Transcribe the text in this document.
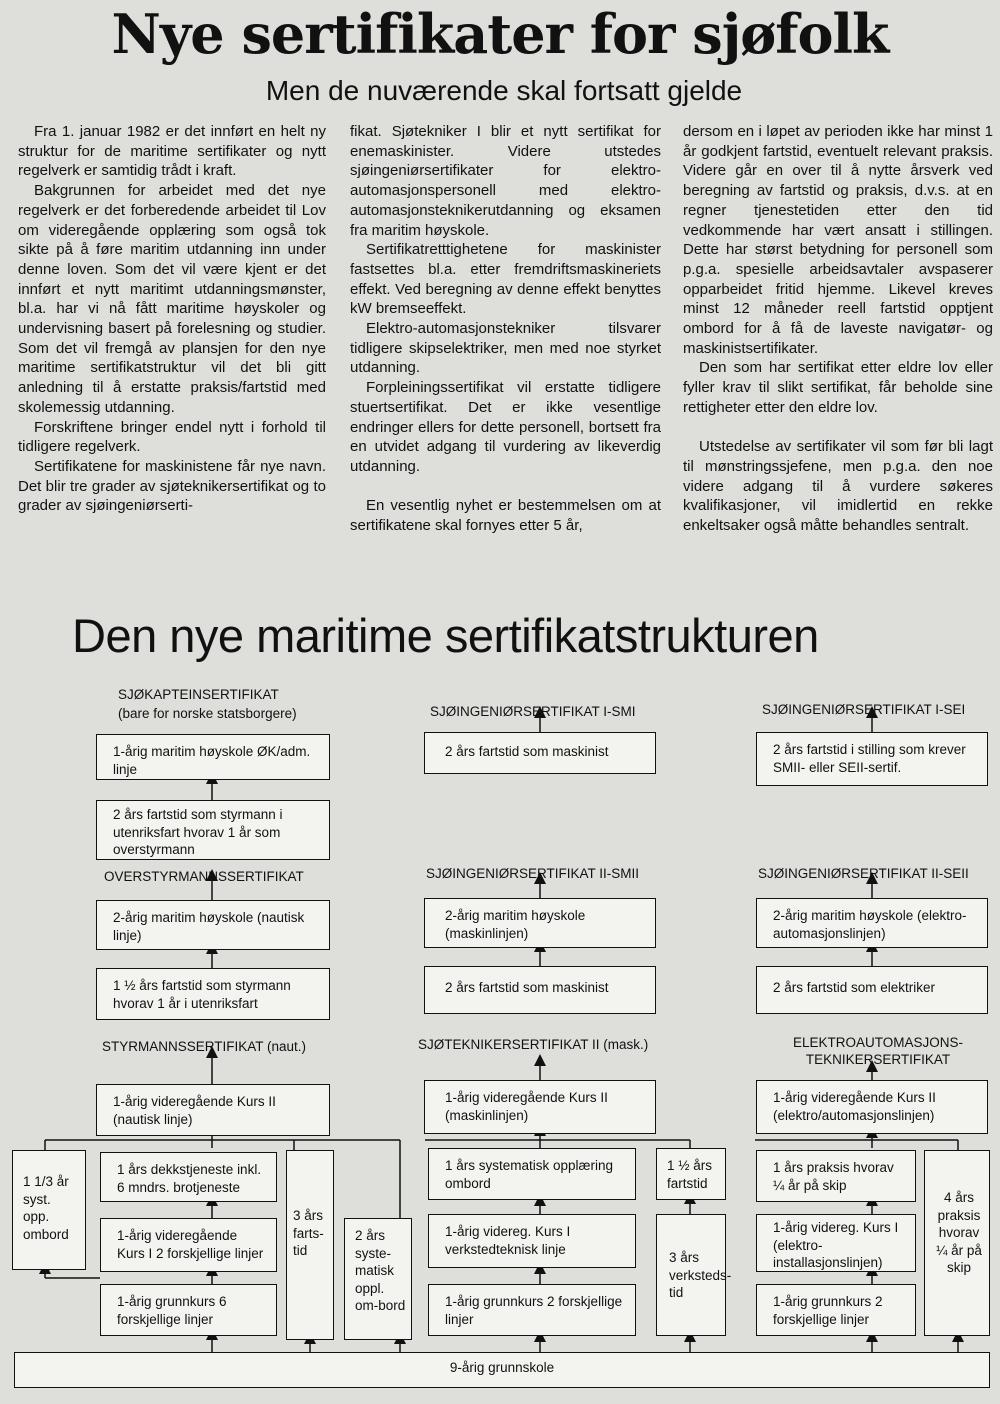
Nye sertifikater for sjøfolk
Men de nuværende skal fortsatt gjelde

Fra 1. januar 1982 er det innført en helt ny struktur for de maritime sertifikater og nytt regelverk er samtidig trådt i kraft.

Bakgrunnen for arbeidet med det nye regelverk er det forberedende arbeidet til Lov om videregående opplæring som også tok sikte på å føre maritim utdanning inn under denne loven. Som det vil være kjent er det innført et nytt maritimt utdanningsmønster, bl.a. har vi nå fått maritime høyskoler og undervisning basert på forelesning og studier. Som det vil fremgå av plansjen for den nye maritime sertifikatstruktur vil det bli gitt anledning til å erstatte praksis/fartstid med skolemessig utdanning.

Forskriftene bringer endel nytt i forhold til tidligere regelverk.

Sertifikatene for maskinistene får nye navn. Det blir tre grader av sjøteknikersertifikat og to grader av sjøingeniørserti-

fikat. Sjøtekniker I blir et nytt sertifikat for enemaskinister. Videre utstedes sjøingeniørsertifikater for elektro-automasjonspersonell med elektro-automasjonsteknikerutdanning og eksamen fra maritim høyskole.

Sertifikatretttighetene for maskinister fastsettes bl.a. etter fremdriftsmaskineriets effekt. Ved beregning av denne effekt benyttes kW bremseeffekt.

Elektro-automasjonstekniker tilsvarer tidligere skipselektriker, men med noe styrket utdanning.

Forpleiningssertifikat vil erstatte tidligere stuertsertifikat. Det er ikke vesentlige endringer ellers for dette personell, bortsett fra en utvidet adgang til vurdering av likeverdig utdanning.

En vesentlig nyhet er bestemmelsen om at sertifikatene skal fornyes etter 5 år,

dersom en i løpet av perioden ikke har minst 1 år godkjent fartstid, eventuelt relevant praksis. Videre går en over til å nytte årsverk ved beregning av fartstid og praksis, d.v.s. at en regner tjenestetiden etter den tid vedkommende har vært ansatt i stillingen. Dette har størst betydning for personell som p.g.a. spesielle arbeidsavtaler avspaserer opparbeidet fritid hjemme. Likevel kreves minst 12 måneder reell fartstid opptjent ombord for å få de laveste navigatør- og maskinistsertifikater.

Den som har sertifikat etter eldre lov eller fyller krav til slikt sertifikat, får beholde sine rettigheter etter den eldre lov.

Utstedelse av sertifikater vil som før bli lagt til mønstringssjefene, men p.g.a. den noe videre adgang til å vurdere søkeres kvalifikasjoner, vil imidlertid en rekke enkeltsaker også måtte behandles sentralt.

Den nye maritime sertifikatstrukturen
SJØKAPTEINSERTIFIKAT
(bare for norske statsborgere)
OVERSTYRMANNSSERTIFIKAT
STYRMANNSSERTIFIKAT (naut.)
SJØINGENIØRSERTIFIKAT I-SMI
SJØINGENIØRSERTIFIKAT II-SMII
SJØTEKNIKERSERTIFIKAT II (mask.)
SJØINGENIØRSERTIFIKAT I-SEI
SJØINGENIØRSERTIFIKAT II-SEII
ELEKTROAUTOMASJONS-TEKNIKERSERTIFIKAT
1-årig maritim høyskole ØK/adm. linje
2 års fartstid som styrmann i utenriksfart hvorav 1 år som overstyrmann
2-årig maritim høyskole (nautisk linje)
1 ½ års fartstid som styrmann hvorav 1 år i utenriksfart
1-årig videregående Kurs II (nautisk linje)
1 års dekkstjeneste inkl. 6 mndrs. brotjeneste
1-årig videregående Kurs I 2 forskjellige linjer
1-årig grunnkurs 6 forskjellige linjer
1 1/3 år syst. opp. ombord
3 års farts-tid
2 års syste-matisk oppl. om-bord
2 års fartstid som maskinist
2-årig maritim høyskole (maskinlinjen)
2 års fartstid som maskinist
1-årig videregående Kurs II (maskinlinjen)
1 års systematisk opplæring ombord
1-årig videreg. Kurs I verkstedteknisk linje
1-årig grunnkurs 2 forskjellige linjer
1 ½ års fartstid
3 års verksteds-tid
2 års fartstid i stilling som krever SMII- eller SEII-sertif.
2-årig maritim høyskole (elektro-automasjonslinjen)
2 års fartstid som elektriker
1-årig videregående Kurs II (elektro/automasjonslinjen)
1 års praksis hvorav ¼ år på skip
1-årig videreg. Kurs I (elektro-installasjonslinjen)
1-årig grunnkurs 2 forskjellige linjer
4 års praksis hvorav ¼ år på skip
9-årig grunnskole
